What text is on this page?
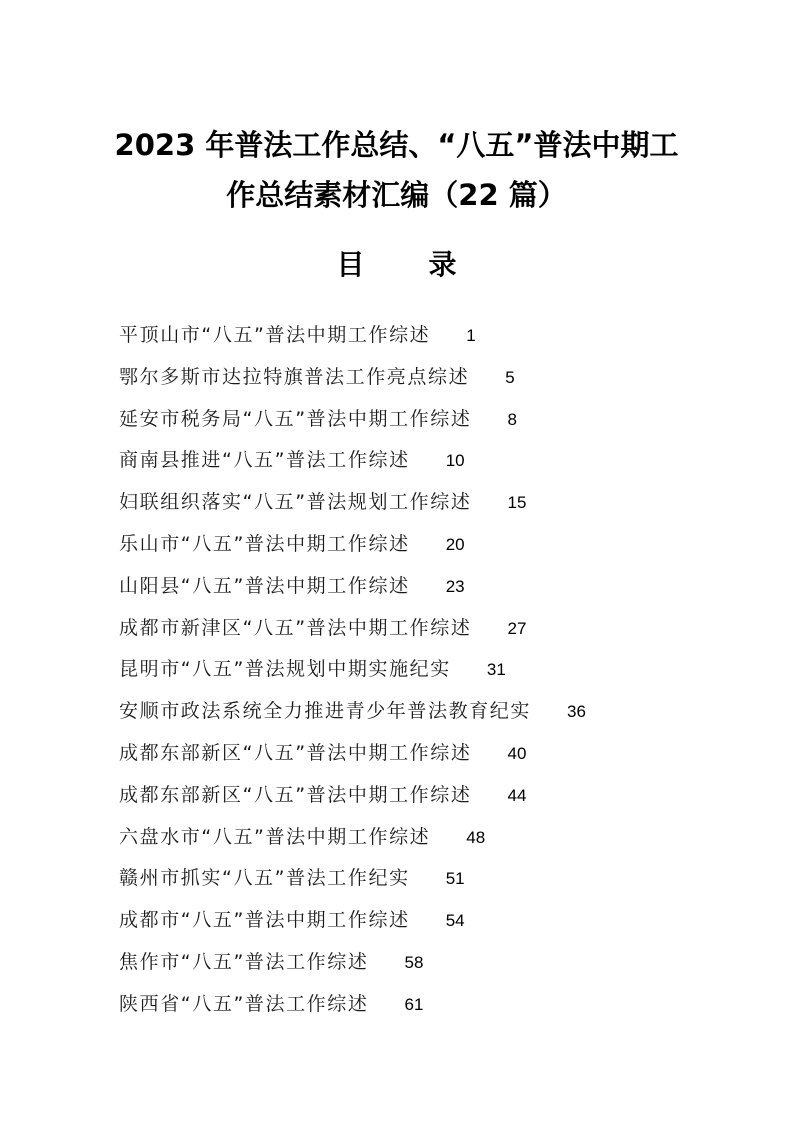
2023 年普法工作总结、“八五”普法中期工
作总结素材汇编（22 篇）
目录
平顶山市“八五”普法中期工作综述 1
鄂尔多斯市达拉特旗普法工作亮点综述 5
延安市税务局“八五”普法中期工作综述 8
商南县推进“八五”普法工作综述 10
妇联组织落实“八五”普法规划工作综述 15
乐山市“八五”普法中期工作综述 20
山阳县“八五”普法中期工作综述 23
成都市新津区“八五”普法中期工作综述 27
昆明市“八五”普法规划中期实施纪实 31
安顺市政法系统全力推进青少年普法教育纪实 36
成都东部新区“八五”普法中期工作综述 40
成都东部新区“八五”普法中期工作综述 44
六盘水市“八五”普法中期工作综述 48
赣州市抓实“八五”普法工作纪实 51
成都市“八五”普法中期工作综述 54
焦作市“八五”普法工作综述 58
陕西省“八五”普法工作综述 61
